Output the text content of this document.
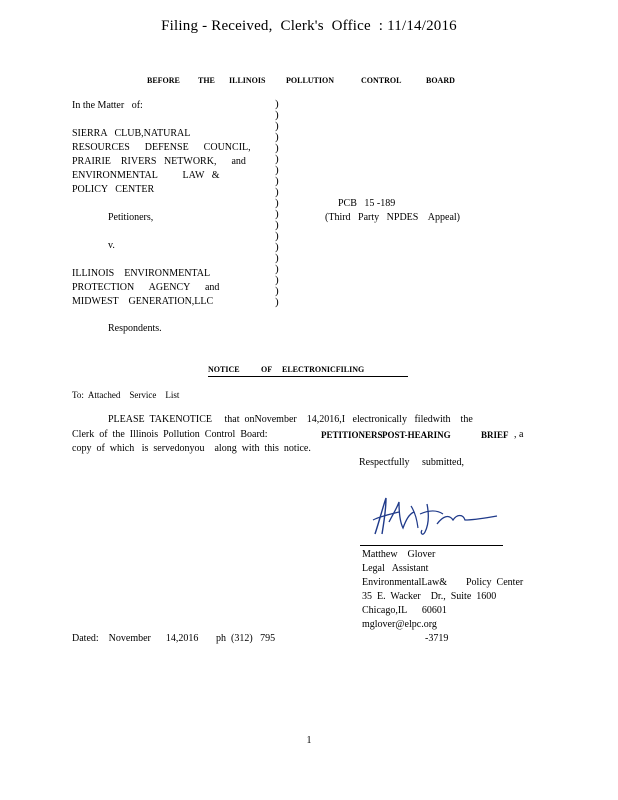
Filing - Received,  Clerk's  Office  : 11/14/2016
BEFORE THE ILLINOIS	POLLUTION	CONTROL	BOARD
In the Matter   of:
SIERRA   CLUB,NATURAL
RESOURCES      DEFENSE      COUNCIL,
PRAIRIE    RIVERS   NETWORK,      and
ENVIRONMENTAL          LAW   &
POLICY   CENTER
Petitioners,
v.
ILLINOIS    ENVIRONMENTAL
PROTECTION      AGENCY      and
MIDWEST    GENERATION,LLC
Respondents.
)
)
)
)
)
)
)
)
)
)
)
)
)
)
)
)
)
)
)
PCB   15 -189
(Third   Party   NPDES    Appeal)
NOTICE	OF ELECTRONICFILING
To:  Attached    Service    List
PLEASE  TAKENOTICE     that  onNovember    14,2016,I   electronically   filedwith    the
Clerk  of  the  Illinois  Pollution  Control  Board:	PETITIONERS'
POST-HEARING	BRIEF , a
copy  of  which   is  servedonyou    along  with  this  notice.
Respectfully     submitted,
Matthew    Glover
Legal   Assistant
EnvironmentalLaw& Policy  Center
35  E.  Wacker    Dr.,  Suite  1600
Chicago,IL      60601
mglover@elpc.org
Dated:    November      14,2016 ph  (312)   795	-3719
1
